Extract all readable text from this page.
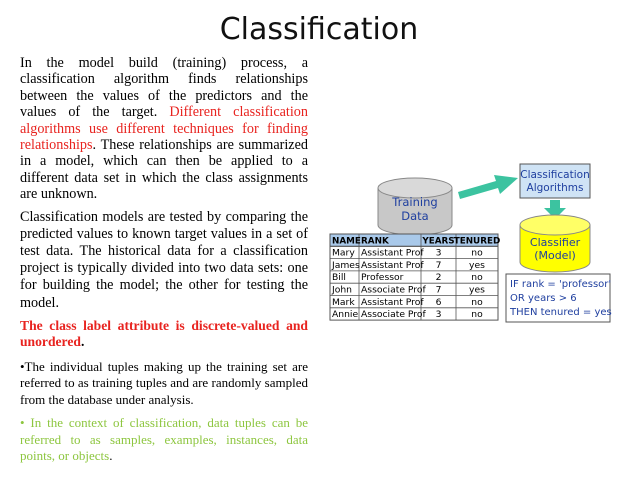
Classification

In the model build (training) process, a classification algorithm finds relationships between the values of the predictors and the values of the target. Different classification algorithms use different techniques for finding relationships. These relationships are summarized in a model, which can then be applied to a different data set in which the class assignments are unknown.

Classification models are tested by comparing the predicted values to known target values in a set of test data. The historical data for a classification project is typically divided into two data sets: one for building the model; the other for testing the model.

The class label attribute is discrete-valued and unordered.

•The individual tuples making up the training set are referred to as training tuples and are randomly sampled from the database under analysis.

• In the context of classification, data tuples can be referred to as samples, examples, instances, data points, or objects.

Training
Data
Classification
Algorithms
Classifier
(Model)
IF rank = 'professor'
OR years > 6
THEN tenured = yes
NAME RANK	YEARS TENURED
Mary Assistant Prof 3	no
James Assistant Prof 7	yes
Bill Professor	2	no
John Associate Prof 7	yes
Mark Assistant Prof 6	no
Annie Associate Prof 3	no
